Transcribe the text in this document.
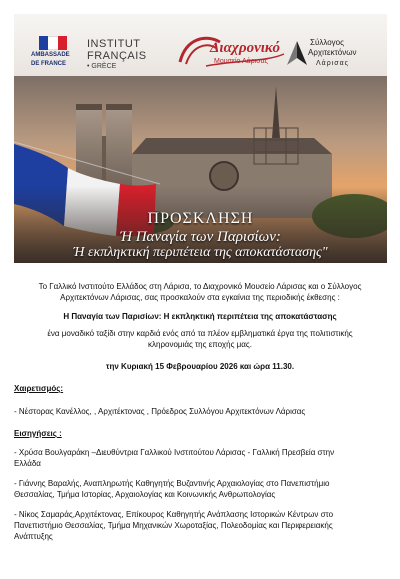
AMBASSADE
DE FRANCE
INSTITUT
FRANÇAIS
• GRÈCE
Διαχρονικό
Μουσείο Λάρισας
Σύλλογος
Αρχιτεκτόνων
Λάρισας
ΠΡΟΣΚΛΗΣΗ
Ή Παναγία των Παρισίων:
Ή εκπληκτική περιπέτεια της αποκατάστασης"
Το Γαλλικό Ινστιτούτο Ελλάδος στη Λάρισα, το Διαχρονικό Μουσείο Λάρισας και ο Σύλλογος
Αρχιτεκτόνων Λάρισας, σας προσκαλούν στα εγκαίνια της περιοδικής έκθεσης :
Η Παναγία των Παρισίων: Η εκπληκτική περιπέτεια της αποκατάστασης
ένα μοναδικό ταξίδι στην καρδιά ενός από τα πλέον εμβληματικά έργα της πολιτιστικής
κληρονομιάς της εποχής μας.
την Κυριακή 15 Φεβρουαρίου 2026 και ώρα 11.30.
Χαιρετισμός:
- Νέστορας Κανέλλος, , Αρχιτέκτονας , Πρόεδρος Συλλόγου Αρχιτεκτόνων Λάρισας
Εισηγήσεις :
- Χρύσα Βουλγαράκη –Διευθύντρια Γαλλικού Ινστιτούτου Λάρισας - Γαλλική Πρεσβεία στην
Ελλάδα
- Γιάννης Βαραλής, Αναπληρωτής Καθηγητής Βυζαντινής Αρχαιολογίας στο Πανεπιστήμιο
Θεσσαλίας, Τμήμα Ιστορίας, Αρχαιολογίας και Κοινωνικής Ανθρωπολογίας
- Νίκος Σαμαράς,Αρχιτέκτονας, Επίκουρος Καθηγητής Ανάπλασης Ιστορικών Κέντρων στο
Πανεπιστήμιο Θεσσαλίας, Τμήμα Μηχανικών Χωροταξίας, Πολεοδομίας και Περιφερειακής
Ανάπτυξης
